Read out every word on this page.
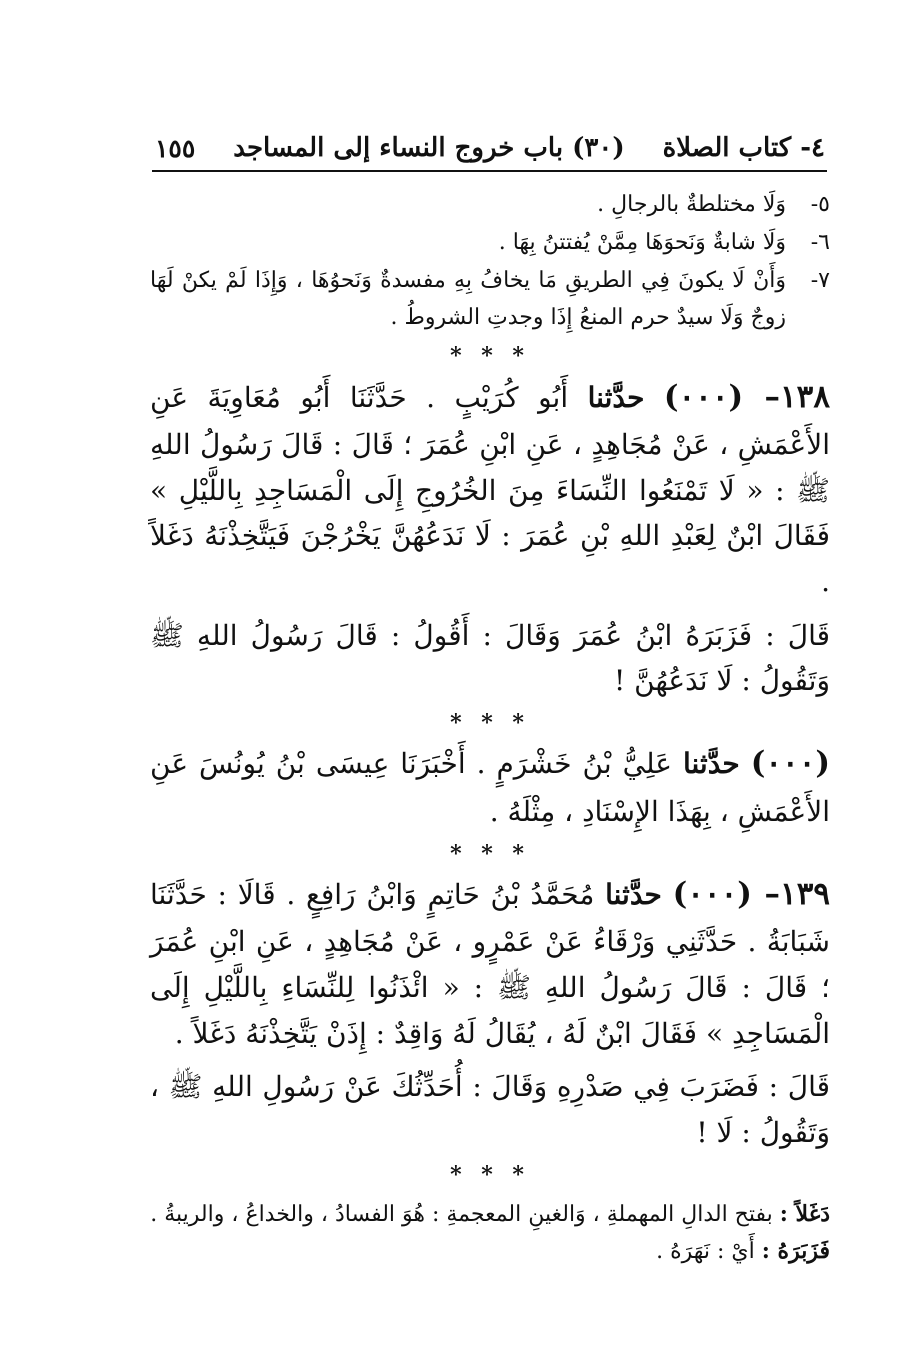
٤- كتاب الصلاة
(٣٠) باب خروج النساء إلى المساجد
١٥٥
٥-
وَلَا مختلطةٌ بالرجالِ .
٦-
وَلَا شابةٌ وَنَحوَهَا مِمَّنْ يُفتتنُ بِهَا .
٧-
وَأَنْ لَا يكونَ فِي الطريقِ مَا يخافُ بِهِ مفسدةٌ وَنَحوُهَا ، وَإِذَا لَمْ يكنْ لَهَا زوجٌ وَلَا سيدٌ حرم المنعُ إِذَا وجدتِ الشروطُ .
* * *

١٣٨– (٠٠٠) حدَّثنا أَبُو كُرَيْبٍ . حَدَّثَنَا أَبُو مُعَاوِيَةَ عَنِ الأَعْمَشِ ، عَنْ مُجَاهِدٍ ، عَنِ ابْنِ عُمَرَ ؛ قَالَ : قَالَ رَسُولُ اللهِ ﷺ : « لَا تَمْنَعُوا النِّسَاءَ مِنَ الخُرُوجِ إِلَى الْمَسَاجِدِ بِاللَّيْلِ » فَقَالَ ابْنٌ لِعَبْدِ اللهِ بْنِ عُمَرَ : لَا نَدَعُهُنَّ يَخْرُجْنَ فَيَتَّخِذْنَهُ دَغَلاً .

قَالَ : فَزَبَرَهُ ابْنُ عُمَرَ وَقَالَ : أَقُولُ : قَالَ رَسُولُ اللهِ ﷺ وَتَقُولُ : لَا نَدَعُهُنَّ !

* * *

(٠٠٠) حدَّثنا عَلِيُّ بْنُ خَشْرَمٍ . أَخْبَرَنَا عِيسَى بْنُ يُونُسَ عَنِ الأَعْمَشِ ، بِهَذَا الإِسْنَادِ ، مِثْلَهُ .

* * *

١٣٩– (٠٠٠) حدَّثنا مُحَمَّدُ بْنُ حَاتِمٍ وَابْنُ رَافِعٍ . قَالَا : حَدَّثَنَا شَبَابَةُ . حَدَّثَنِي وَرْقَاءُ عَنْ عَمْرٍو ، عَنْ مُجَاهِدٍ ، عَنِ ابْنِ عُمَرَ ؛ قَالَ : قَالَ رَسُولُ اللهِ ﷺ : « ائْذَنُوا لِلنِّسَاءِ بِاللَّيْلِ إِلَى الْمَسَاجِدِ » فَقَالَ ابْنٌ لَهُ ، يُقَالُ لَهُ وَاقِدٌ : إِذَنْ يَتَّخِذْنَهُ دَغَلاً .

قَالَ : فَضَرَبَ فِي صَدْرِهِ وَقَالَ : أُحَدِّثُكَ عَنْ رَسُولِ اللهِ ﷺ ، وَتَقُولُ : لَا !

* * *

دَغَلاً : بفتح الدالِ المهملةِ ، وَالغينِ المعجمةِ : هُوَ الفسادُ ، والخداعُ ، والريبةُ .

فَزَبَرَهُ : أَيْ : نَهَرَهُ .
